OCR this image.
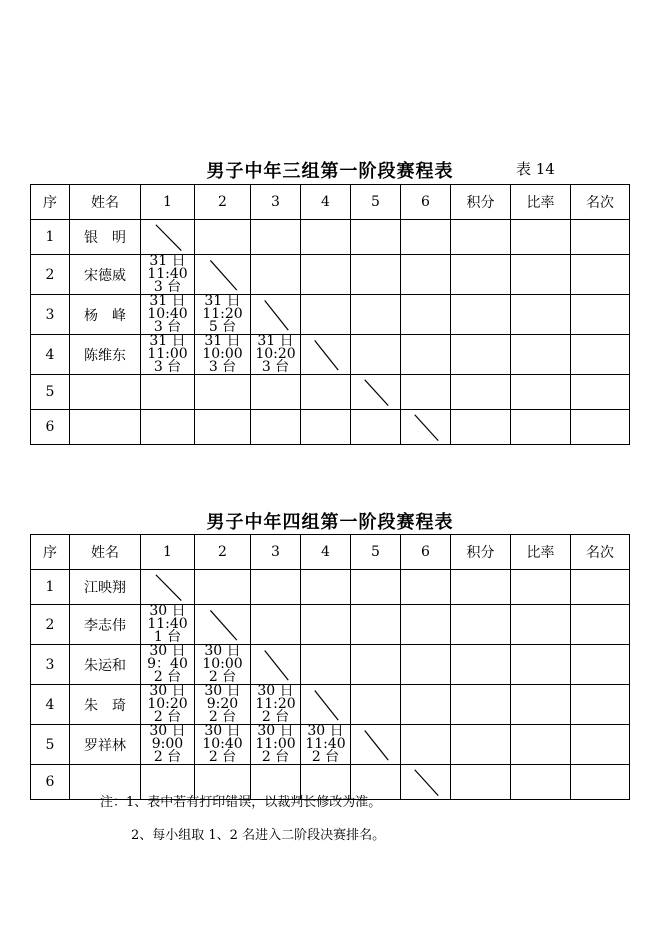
男子中年三组第一阶段赛程表	表 14
序	姓名	1	2	3	4	5	6	积分	比率	名次
1	银　明	

2	宋德威	31 日 11:40
3 台

3	杨　峰	31 日 10:40
3 台	31 日 11:20
5 台

4	陈维东	31 日 11:00
3 台	31 日 10:00
3 台	31 日 10:20
3 台

5						

6							

男子中年四组第一阶段赛程表
序	姓名	1	2	3	4	5	6	积分	比率	名次
1	江映翔	

2	李志伟	30 日 11:40
1 台

3	朱运和	30 日 9：40
2 台	30 日 10:00
2 台

4	朱　琦	30 日 10:20
2 台	30 日 9:20
2 台	30 日 11:20
2 台

5	罗祥林	30 日 9:00
2 台	30 日 10:40
2 台	30 日 11:00
2 台	30 日 11:40
2 台

6							

注：1、表中若有打印错误，以裁判长修改为准。
2、每小组取 1、2 名进入二阶段决赛排名。
